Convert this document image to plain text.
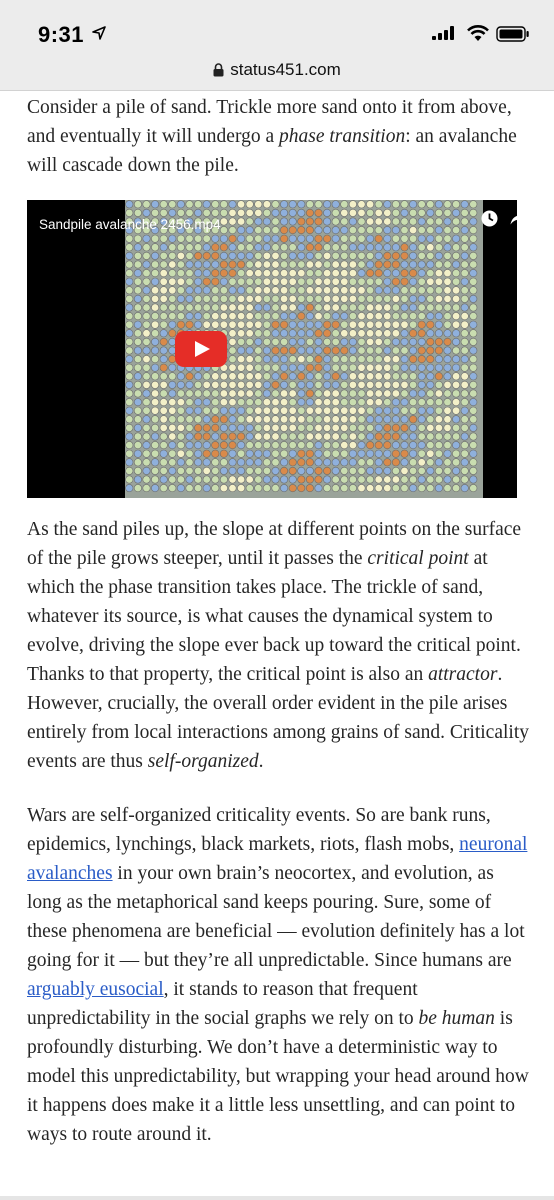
9:31
status451.com

Consider a pile of sand. Trickle more sand onto it from above, and eventually it will undergo a phase transition: an avalanche will cascade down the pile.

Sandpile avalanche 2456.mp4

As the sand piles up, the slope at different points on the surface of the pile grows steeper, until it passes the critical point at which the phase transition takes place. The trickle of sand, whatever its source, is what causes the dynamical system to evolve, driving the slope ever back up toward the critical point. Thanks to that property, the critical point is also an attractor. However, crucially, the overall order evident in the pile arises entirely from local interactions among grains of sand. Criticality events are thus self-organized.

Wars are self-organized criticality events. So are bank runs, epidemics, lynchings, black markets, riots, flash mobs, neuronal avalanches in your own brain’s neocortex, and evolution, as long as the metaphorical sand keeps pouring. Sure, some of these phenomena are beneficial — evolution definitely has a lot going for it — but they’re all unpredictable. Since humans are arguably eusocial, it stands to reason that frequent unpredictability in the social graphs we rely on to be human is profoundly disturbing. We don’t have a deterministic way to model this unpredictability, but wrapping your head around how it happens does make it a little less unsettling, and can point to ways to route around it.
